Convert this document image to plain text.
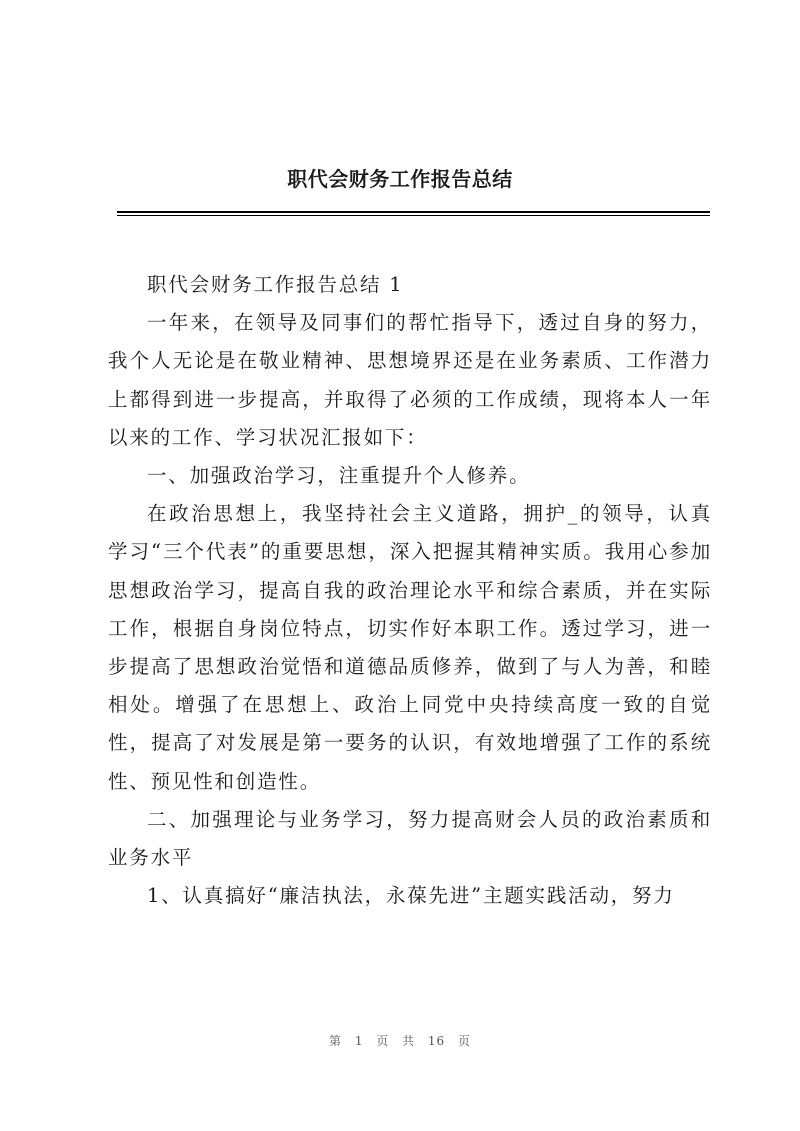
职代会财务工作报告总结

职代会财务工作报告总结 1

一年来，在领导及同事们的帮忙指导下，透过自身的努力，我个人无论是在敬业精神、思想境界还是在业务素质、工作潜力上都得到进一步提高，并取得了必须的工作成绩，现将本人一年以来的工作、学习状况汇报如下：

一、加强政治学习，注重提升个人修养。

在政治思想上，我坚持社会主义道路，拥护_的领导，认真学习“三个代表”的重要思想，深入把握其精神实质。我用心参加思想政治学习，提高自我的政治理论水平和综合素质，并在实际工作，根据自身岗位特点，切实作好本职工作。透过学习，进一步提高了思想政治觉悟和道德品质修养，做到了与人为善，和睦相处。增强了在思想上、政治上同党中央持续高度一致的自觉性，提高了对发展是第一要务的认识，有效地增强了工作的系统性、预见性和创造性。

二、加强理论与业务学习，努力提高财会人员的政治素质和业务水平

1、认真搞好“廉洁执法，永葆先进”主题实践活动，努力

第 1 页 共 16 页
